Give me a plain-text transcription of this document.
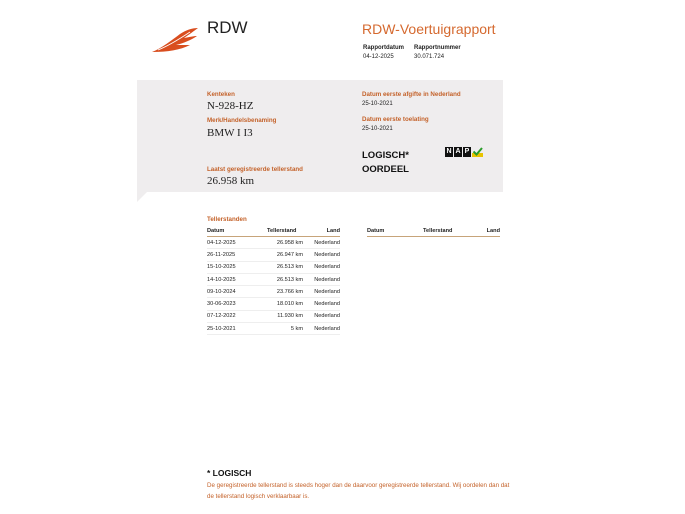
RDW	RDW-Voertuigrapport
Rapportdatum
04-12-2025
Rapportnummer
30.071.724
Kenteken
N-928-HZ
Merk/Handelsbenaming
BMW I I3
Laatst geregistreerde tellerstand
26.958 km
Datum eerste afgifte in Nederland
25-10-2021
Datum eerste toelating
25-10-2021
LOGISCH*
OORDEEL
N A P
Tellerstanden
Datum	Tellerstand	Land
04-12-2025	26.958 km	Nederland
26-11-2025	26.947 km	Nederland
15-10-2025	26.513 km	Nederland
14-10-2025	26.513 km	Nederland
09-10-2024	23.766 km	Nederland
30-06-2023	18.010 km	Nederland
07-12-2022	11.930 km	Nederland
25-10-2021	5 km	Nederland
Datum	Tellerstand	Land
* LOGISCH
De geregistreerde tellerstand is steeds hoger dan de daarvoor geregistreerde tellerstand. Wij oordelen dan dat de tellerstand logisch verklaarbaar is.
